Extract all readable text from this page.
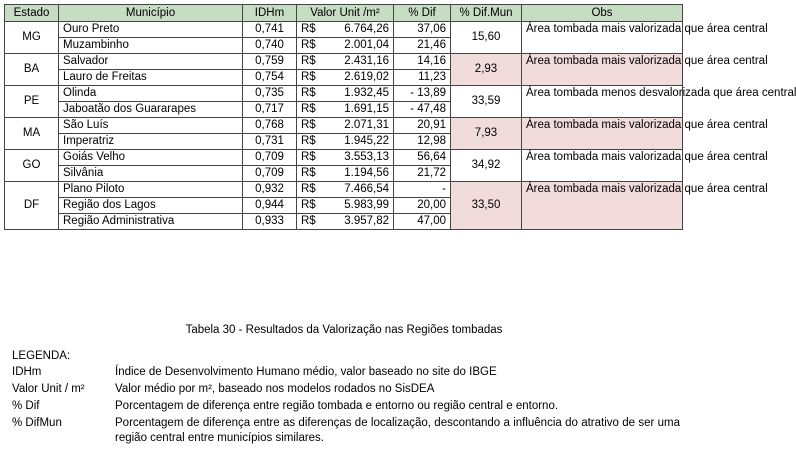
Estado	Município	IDHm	Valor Unit /m²	% Dif	% Dif.Mun	Obs
MG	Ouro Preto	0,741	R$ 6.764,26	37,06	15,60	Área tombada mais valorizada que área central
	Muzambinho	0,740	R$ 2.001,04	21,46		
BA	Salvador	0,759	R$ 2.431,16	14,16	2,93	Área tombada mais valorizada que área central
	Lauro de Freitas	0,754	R$ 2.619,02	11,23		
PE	Olinda	0,735	R$ 1.932,45	- 13,89	33,59	Área tombada menos desvalorizada que área central
	Jaboatão dos Guararapes	0,717	R$ 1.691,15	- 47,48		
MA	São Luís	0,768	R$ 2.071,31	20,91	7,93	Área tombada mais valorizada que área central
	Imperatriz	0,731	R$ 1.945,22	12,98		
GO	Goiás Velho	0,709	R$ 3.553,13	56,64	34,92	Área tombada mais valorizada que área central
	Silvânia	0,709	R$ 1.194,56	21,72		
DF	Plano Piloto	0,932	R$ 7.466,54	-	33,50	Área tombada mais valorizada que área central
	Região dos Lagos	0,944	R$ 5.983,99	20,00		
	Região Administrativa	0,933	R$ 3.957,82	47,00		
Tabela 30 - Resultados da Valorização nas Regiões tombadas
LEGENDA:
IDHm	Índice de Desenvolvimento Humano médio, valor baseado no site do IBGE
Valor Unit / m²	Valor médio por m², baseado nos modelos rodados no SisDEA
% Dif	Porcentagem de diferença entre região tombada e entorno ou região central e entorno.
% DifMun	Porcentagem de diferença entre as diferenças de localização, descontando a influência do atrativo de ser uma região central entre municípios similares.
